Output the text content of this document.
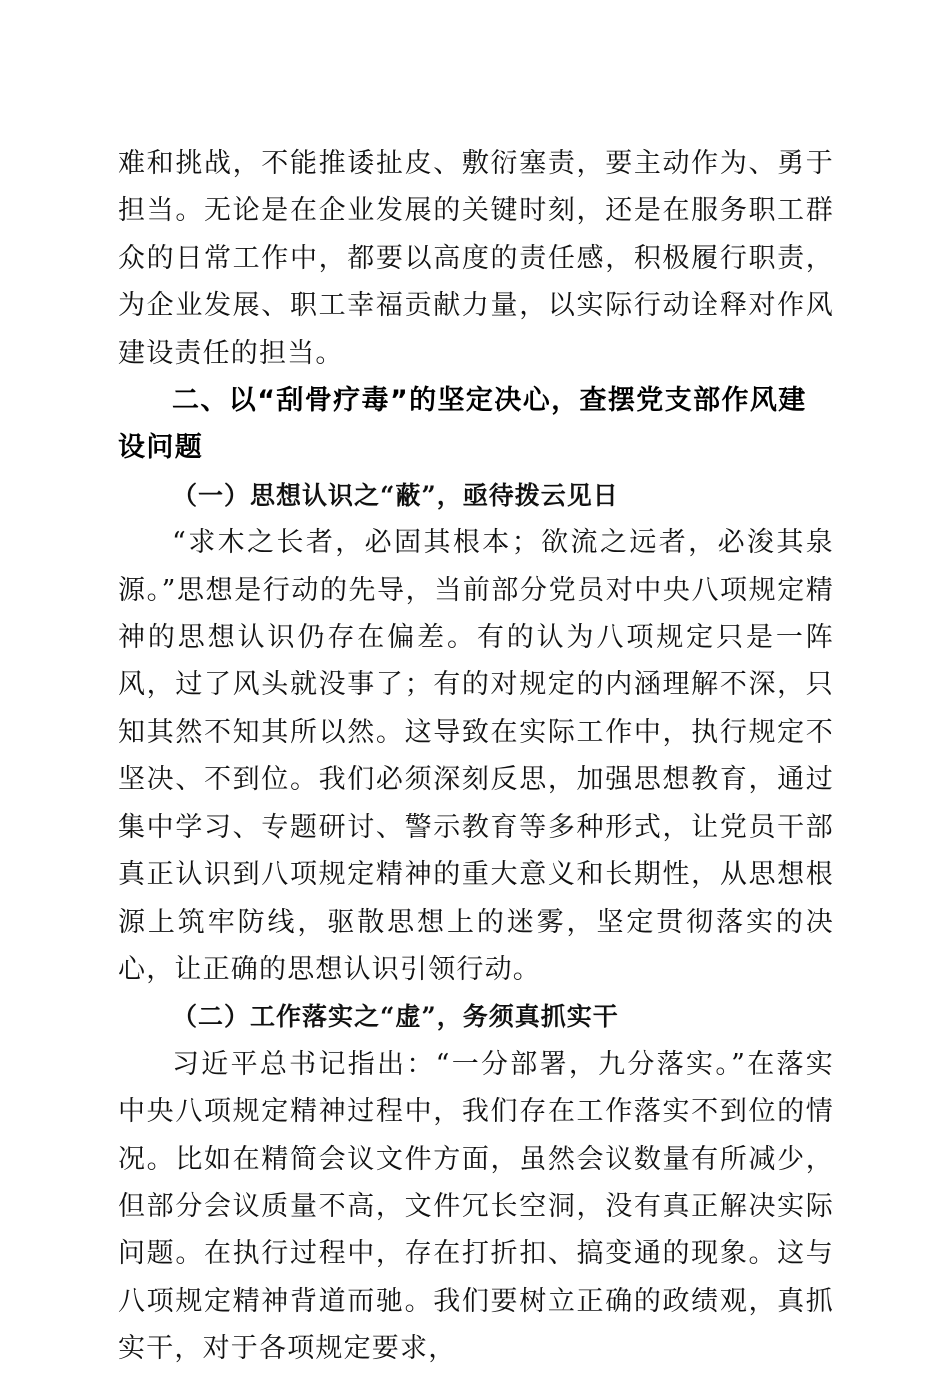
难和挑战，不能推诿扯皮、敷衍塞责，要主动作为、勇于担当。无论是在企业发展的关键时刻，还是在服务职工群众的日常工作中，都要以高度的责任感，积极履行职责，为企业发展、职工幸福贡献力量，以实际行动诠释对作风建设责任的担当。

二、以“刮骨疗毒”的坚定决心，查摆党支部作风建设问题
（一）思想认识之“蔽”，亟待拨云见日

“求木之长者，必固其根本；欲流之远者，必浚其泉源。”思想是行动的先导，当前部分党员对中央八项规定精神的思想认识仍存在偏差。有的认为八项规定只是一阵风，过了风头就没事了；有的对规定的内涵理解不深，只知其然不知其所以然。这导致在实际工作中，执行规定不坚决、不到位。我们必须深刻反思，加强思想教育，通过集中学习、专题研讨、警示教育等多种形式，让党员干部真正认识到八项规定精神的重大意义和长期性，从思想根源上筑牢防线，驱散思想上的迷雾，坚定贯彻落实的决心，让正确的思想认识引领行动。

（二）工作落实之“虚”，务须真抓实干

习近平总书记指出：“一分部署，九分落实。”在落实中央八项规定精神过程中，我们存在工作落实不到位的情况。比如在精简会议文件方面，虽然会议数量有所减少，但部分会议质量不高，文件冗长空洞，没有真正解决实际问题。在执行过程中，存在打折扣、搞变通的现象。这与八项规定精神背道而驰。我们要树立正确的政绩观，真抓实干，对于各项规定要求，
